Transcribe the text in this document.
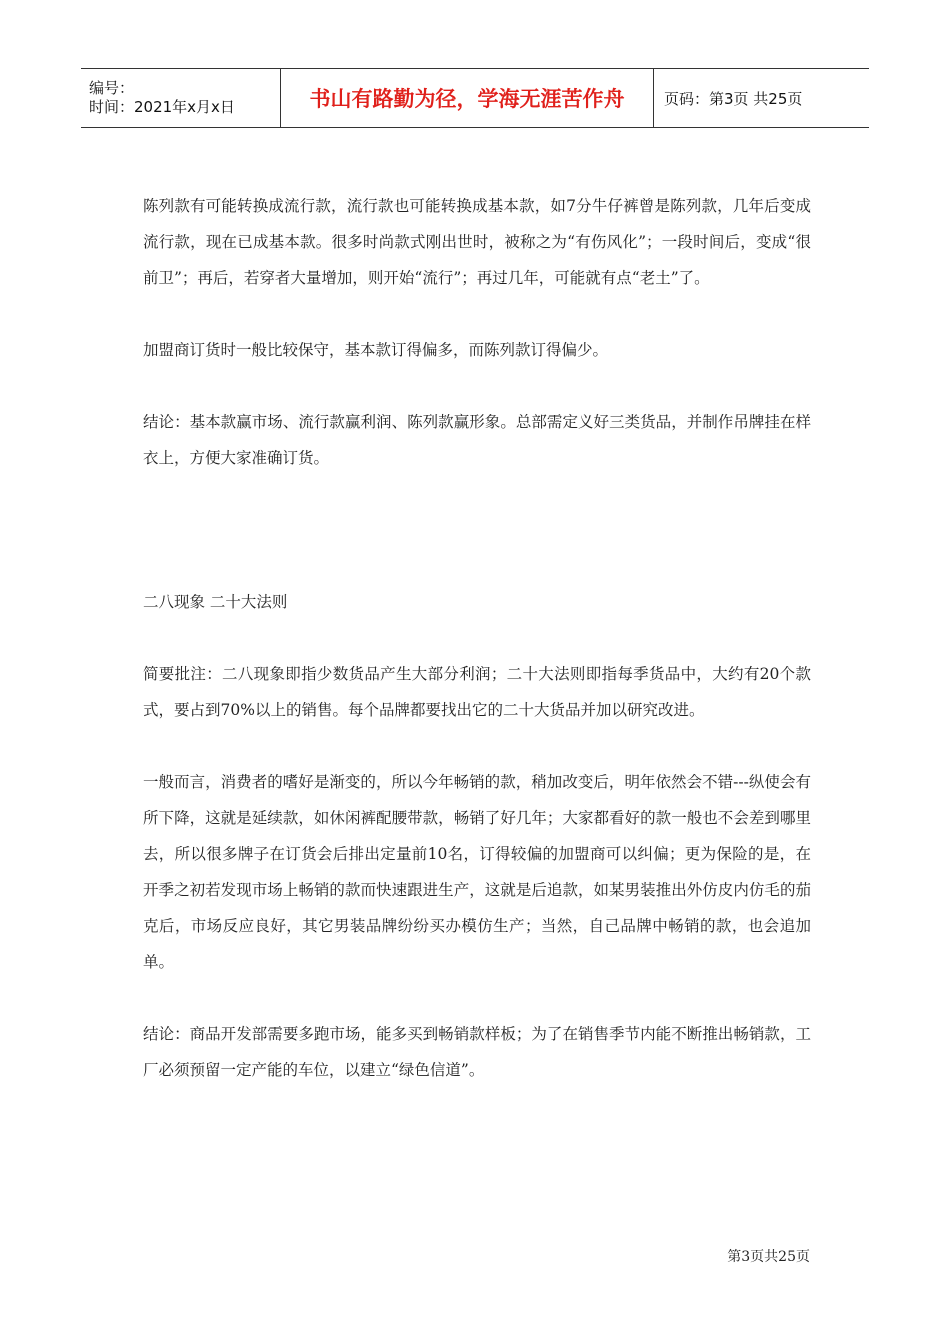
编号：
时间：2021年x月x日	书山有路勤为径，学海无涯苦作舟	页码：第3页 共25页

陈列款有可能转换成流行款，流行款也可能转换成基本款，如7分牛仔裤曾是陈列款，几年后变成流行款，现在已成基本款。很多时尚款式刚出世时，被称之为“有伤风化”；一段时间后，变成“很前卫”；再后，若穿者大量增加，则开始“流行”；再过几年，可能就有点“老土”了。

加盟商订货时一般比较保守，基本款订得偏多，而陈列款订得偏少。

结论：基本款赢市场、流行款赢利润、陈列款赢形象。总部需定义好三类货品，并制作吊牌挂在样衣上，方便大家准确订货。

二八现象 二十大法则

简要批注：二八现象即指少数货品产生大部分利润；二十大法则即指每季货品中，大约有20个款式，要占到70%以上的销售。每个品牌都要找出它的二十大货品并加以研究改进。

一般而言，消费者的嗜好是渐变的，所以今年畅销的款，稍加改变后，明年依然会不错---纵使会有所下降，这就是延续款，如休闲裤配腰带款，畅销了好几年；大家都看好的款一般也不会差到哪里去，所以很多牌子在订货会后排出定量前10名，订得较偏的加盟商可以纠偏；更为保险的是，在开季之初若发现市场上畅销的款而快速跟进生产，这就是后追款，如某男装推出外仿皮内仿毛的茄克后，市场反应良好，其它男装品牌纷纷买办模仿生产；当然，自己品牌中畅销的款，也会追加单。

结论：商品开发部需要多跑市场，能多买到畅销款样板；为了在销售季节内能不断推出畅销款，工厂必须预留一定产能的车位，以建立“绿色信道”。

第3页共25页
